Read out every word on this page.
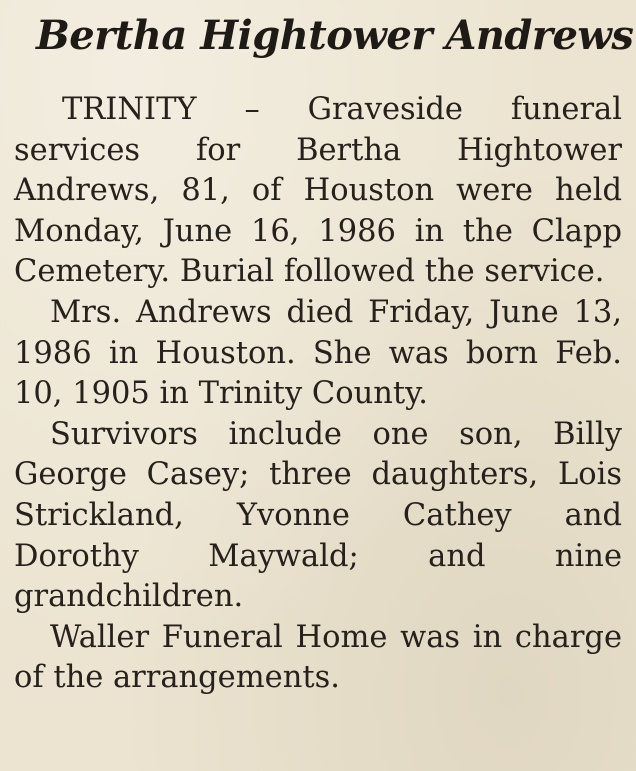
Bertha Hightower Andrews

TRINITY – Graveside funeral services for Bertha Hightower Andrews, 81, of Houston were held Monday, June 16, 1986 in the Clapp Cemetery. Burial followed the service.

Mrs. Andrews died Friday, June 13, 1986 in Houston. She was born Feb. 10, 1905 in Trinity County.

Survivors include one son, Billy George Casey; three daughters, Lois Strickland, Yvonne Cathey and Dorothy Maywald; and nine grandchildren.

Waller Funeral Home was in charge of the arrangements.
